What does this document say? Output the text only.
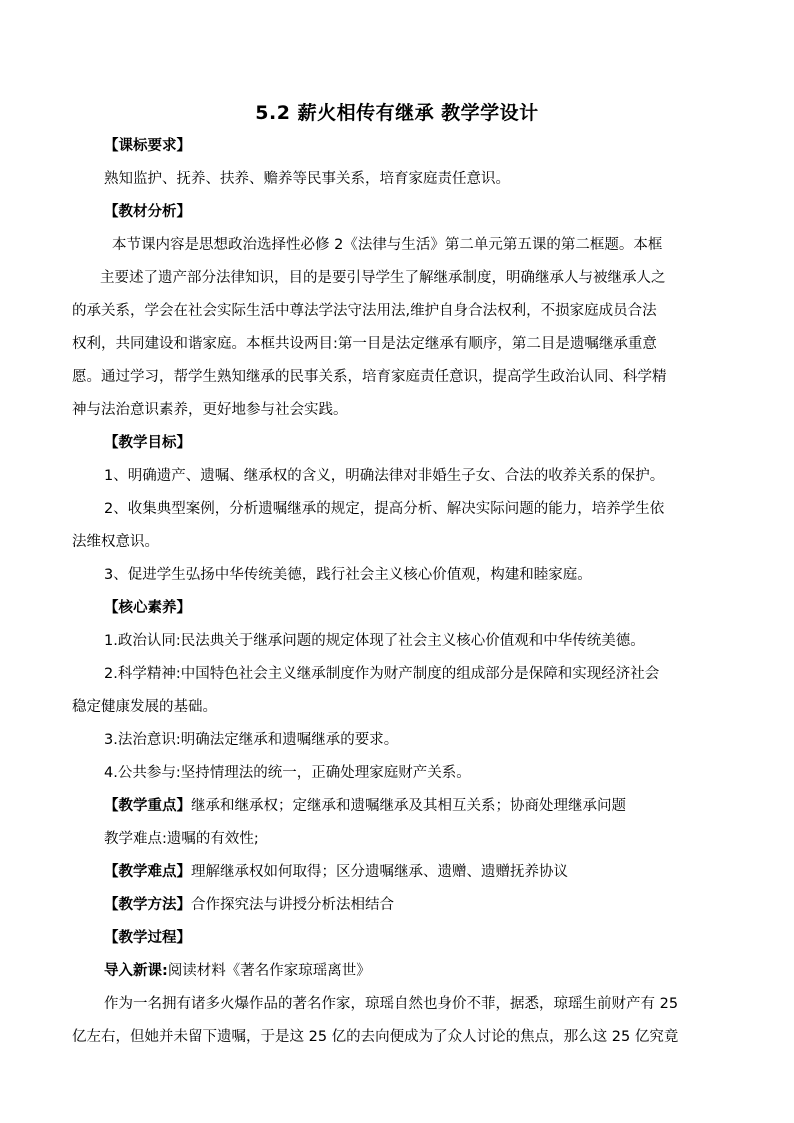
5.2 薪火相传有继承 教学学设计
【课标要求】
熟知监护、抚养、扶养、赡养等民事关系，培育家庭责任意识。
【教材分析】
本节课内容是思想政治选择性必修 2《法律与生活》第二单元第五课的第二框题。本框
主要述了遗产部分法律知识，目的是要引导学生了解继承制度，明确继承人与被继承人之
的承关系，学会在社会实际生活中尊法学法守法用法,维护自身合法权利，不损家庭成员合法
权利，共同建设和谐家庭。本框共设两目:第一目是法定继承有顺序，第二目是遗嘱继承重意
愿。通过学习，帮学生熟知继承的民事关系，培育家庭责任意识，提高学生政治认同、科学精
神与法治意识素养，更好地参与社会实践。
【教学目标】
1、明确遗产、遗嘱、继承权的含义，明确法律对非婚生子女、合法的收养关系的保护。
2、收集典型案例，分析遗嘱继承的规定，提高分析、解决实际问题的能力，培养学生依
法维权意识。
3、促进学生弘扬中华传统美德，践行社会主义核心价值观，构建和睦家庭。
【核心素养】
1.政治认同:民法典关于继承问题的规定体现了社会主义核心价值观和中华传统美德。
2.科学精神:中国特色社会主义继承制度作为财产制度的组成部分是保障和实现经济社会
稳定健康发展的基础。
3.法治意识:明确法定继承和遗嘱继承的要求。
4.公共参与:坚持情理法的统一，正确处理家庭财产关系。
【教学重点】继承和继承权；定继承和遗嘱继承及其相互关系；协商处理继承问题
教学难点:遗嘱的有效性;
【教学难点】理解继承权如何取得；区分遗嘱继承、遗赠、遗赠抚养协议
【教学方法】合作探究法与讲授分析法相结合
【教学过程】
导入新课:阅读材料《著名作家琼瑶离世》
作为一名拥有诸多火爆作品的著名作家，琼瑶自然也身价不菲，据悉，琼瑶生前财产有 25
亿左右，但她并未留下遗嘱，于是这 25 亿的去向便成为了众人讨论的焦点，那么这 25 亿究竟
